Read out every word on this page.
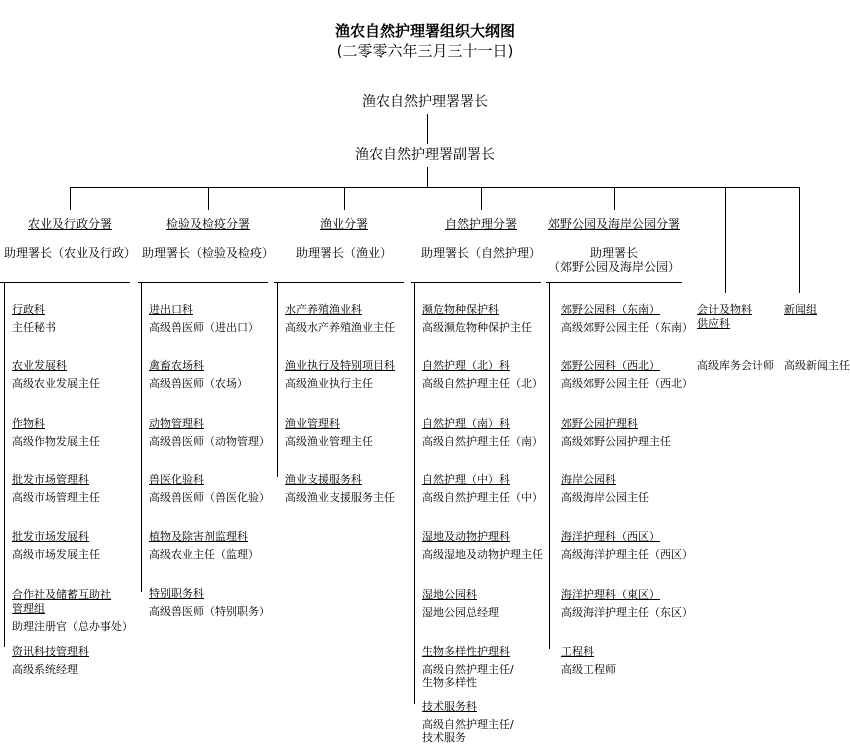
渔农自然护理署组织大纲图
(二零零六年三月三十一日)
渔农自然护理署署长
渔农自然护理署副署长
农业及行政分署	检验及检疫分署	渔业分署	自然护理分署	郊野公园及海岸公园分署
助理署长（农业及行政） 助理署长（检验及检疫）	助理署长（渔业）	助理署长（自然护理）	助理署长
（郊野公园及海岸公园）
行政科
主任秘书
农业发展科
高级农业发展主任
作物科
高级作物发展主任
批发市场管理科
高级市场管理主任
批发市场发展科
高级市场发展主任
合作社及储蓄互助社
管理组
助理注册官（总办事处）
资讯科技管理科
高级系统经理
进出口科
高级兽医师（进出口）
禽畜农场科
高级兽医师（农场）
动物管理科
高级兽医师（动物管理）
兽医化验科
高级兽医师（兽医化验）
植物及除害剂监理科
高级农业主任（监理）
特别职务科
高级兽医师（特别职务）
水产养殖渔业科
高级水产养殖渔业主任
渔业执行及特别项目科
高级渔业执行主任
渔业管理科
高级渔业管理主任
渔业支援服务科
高级渔业支援服务主任
濒危物种保护科
高级濒危物种保护主任
自然护理（北）科
高级自然护理主任（北）
自然护理（南）科
高级自然护理主任（南）
自然护理（中）科
高级自然护理主任（中）
湿地及动物护理科
高级湿地及动物护理主任
湿地公园科
湿地公园总经理
生物多样性护理科
高级自然护理主任/
生物多样性
技术服务科
高级自然护理主任/
技术服务
郊野公园科（东南）
高级郊野公园主任（东南）
郊野公园科（西北）
高级郊野公园主任（西北）
郊野公园护理科
高级郊野公园护理主任
海岸公园科
高级海岸公园主任
海洋护理科（西区）
高级海洋护理主任（西区）
海洋护理科（東区）
高级海洋护理主任（东区）
工程科
高级工程师
会计及物料
供应科
高级库务会计师
新闻组
高级新闻主任
